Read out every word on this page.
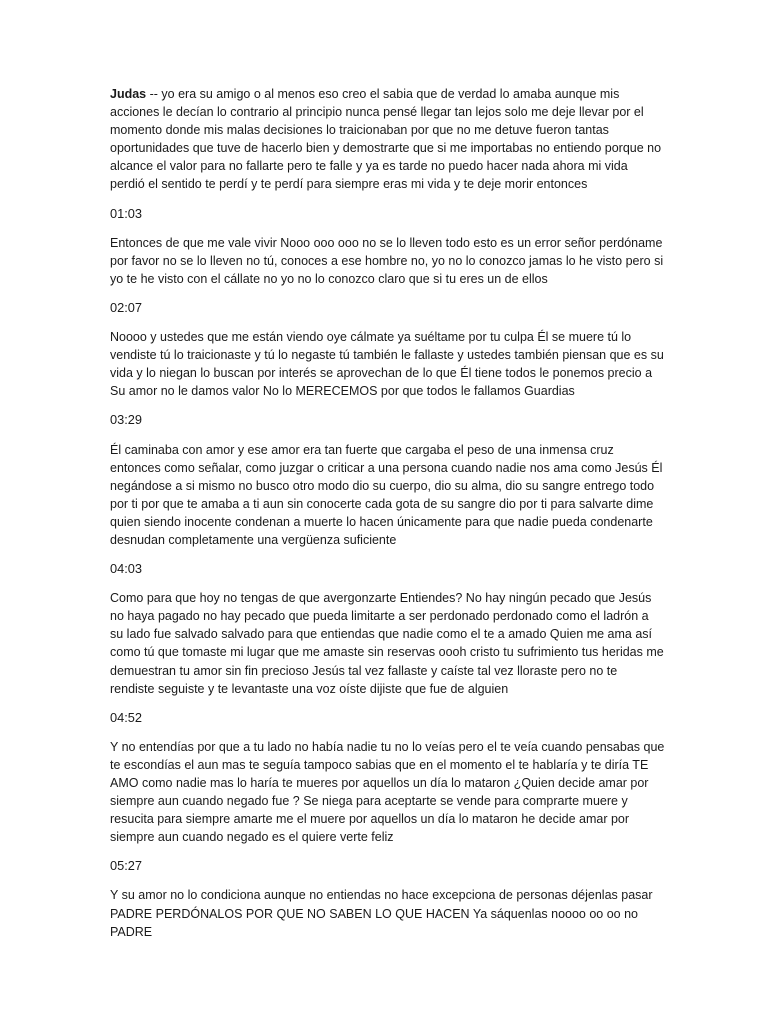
Judas -- yo era su amigo o al menos eso creo el sabia que de verdad lo amaba aunque mis acciones le decían lo contrario al principio nunca pensé llegar tan lejos solo me deje llevar por el momento donde mis malas decisiones lo traicionaban por que no me detuve fueron tantas oportunidades que tuve de hacerlo bien y demostrarte que si me importabas no entiendo porque no alcance el valor para no fallarte pero te falle y ya es tarde no puedo hacer nada ahora mi vida perdió el sentido te perdí y te perdí para siempre eras mi vida y te deje morir entonces

01:03

Entonces de que me vale vivir Nooo ooo ooo no se lo lleven todo esto es un error señor perdóname por favor no se lo lleven no tú, conoces a ese hombre no, yo no lo conozco jamas lo he visto pero si yo te he visto con el cállate no yo no lo conozco claro que si tu eres un de ellos

02:07

Noooo y ustedes que me están viendo oye cálmate ya suéltame por tu culpa Él se muere tú lo vendiste tú lo traicionaste y tú lo negaste tú también le fallaste y ustedes también piensan que es su vida y lo niegan lo buscan por interés se aprovechan de lo que Él tiene todos le ponemos precio a Su amor no le damos valor No lo MERECEMOS por que todos le fallamos Guardias

03:29

Él caminaba con amor y ese amor era tan fuerte que cargaba el peso de una inmensa cruz entonces como señalar, como juzgar o criticar a una persona cuando nadie nos ama como Jesús Él negándose a si mismo no busco otro modo dio su cuerpo, dio su alma, dio su sangre entrego todo por ti por que te amaba a ti aun sin conocerte cada gota de su sangre dio por ti para salvarte dime quien siendo inocente condenan a muerte lo hacen únicamente para que nadie pueda condenarte desnudan completamente una vergüenza suficiente

04:03

Como para que hoy no tengas de que avergonzarte Entiendes? No hay ningún pecado que Jesús no haya pagado no hay pecado que pueda limitarte a ser perdonado perdonado como el ladrón a su lado fue salvado salvado para que entiendas que nadie como el te a amado Quien me ama así como tú que tomaste mi lugar que me amaste sin reservas oooh cristo tu sufrimiento tus heridas me demuestran tu amor sin fin precioso Jesús tal vez fallaste y caíste tal vez lloraste pero no te rendiste seguiste y te levantaste una voz oíste dijiste que fue de alguien

04:52

Y no entendías por que a tu lado no había nadie tu no lo veías pero el te veía cuando pensabas que te escondías el aun mas te seguía tampoco sabias que en el momento el te hablaría y te diría TE AMO como nadie mas lo haría te mueres por aquellos un día lo mataron ¿Quien decide amar por siempre aun cuando negado fue ? Se niega para aceptarte se vende para comprarte muere y resucita para siempre amarte me el muere por aquellos un día lo mataron he decide amar por siempre aun cuando negado es el quiere verte feliz

05:27

Y su amor no lo condiciona aunque no entiendas no hace excepciona de personas déjenlas pasar PADRE PERDÓNALOS POR QUE NO SABEN LO QUE HACEN Ya sáquenlas noooo oo oo no PADRE
